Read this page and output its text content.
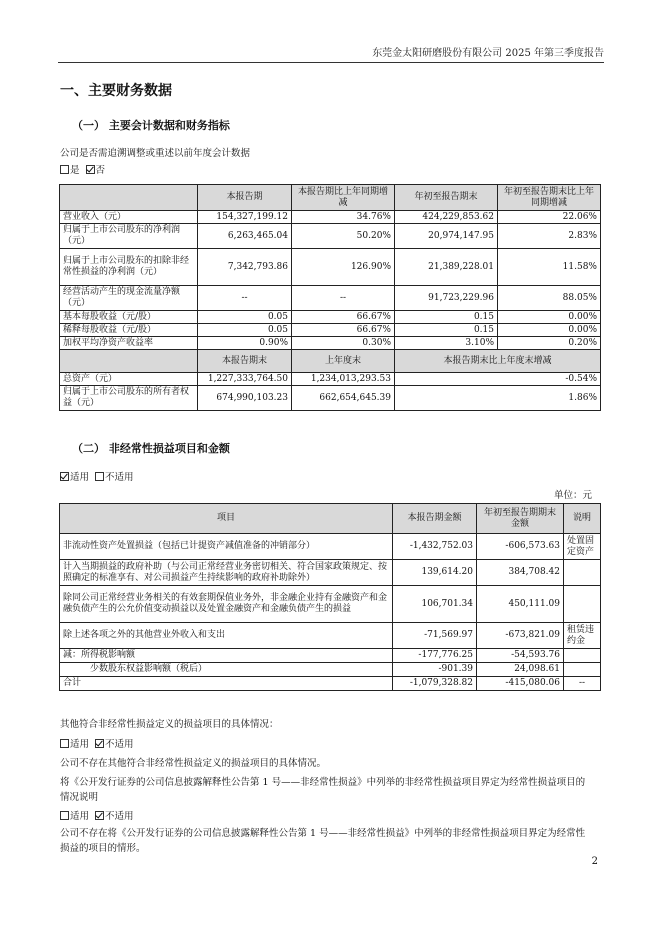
东莞金太阳研磨股份有限公司 2025 年第三季度报告
一、主要财务数据
（一） 主要会计数据和财务指标
公司是否需追溯调整或重述以前年度会计数据
是 否
	本报告期	本报告期比上年同期增减	年初至报告期末	年初至报告期末比上年同期增减
营业收入（元）	154,327,199.12	34.76%	424,229,853.62	22.06%
归属于上市公司股东的净利润（元）	6,263,465.04	50.20%	20,974,147.95	2.83%
归属于上市公司股东的扣除非经常性损益的净利润（元）	7,342,793.86	126.90%	21,389,228.01	11.58%
经营活动产生的现金流量净额（元）	--	--	91,723,229.96	88.05%
基本每股收益（元/股）	0.05	66.67%	0.15	0.00%
稀释每股收益（元/股）	0.05	66.67%	0.15	0.00%
加权平均净资产收益率	0.90%	0.30%	3.10%	0.20%
	本报告期末	上年度末	本报告期末比上年度末增减	
总资产（元）	1,227,333,764.50	1,234,013,293.53	-0.54%	
归属于上市公司股东的所有者权益（元）	674,990,103.23	662,654,645.39	1.86%	
（二） 非经常性损益项目和金额
适用 不适用
单位：元
项目	本报告期金额	年初至报告期期末金额	说明
非流动性资产处置损益（包括已计提资产减值准备的冲销部分）	-1,432,752.03	-606,573.63	处置固定资产
计入当期损益的政府补助（与公司正常经营业务密切相关、符合国家政策规定、按照确定的标准享有、对公司损益产生持续影响的政府补助除外）	139,614.20	384,708.42	
除同公司正常经营业务相关的有效套期保值业务外，非金融企业持有金融资产和金融负债产生的公允价值变动损益以及处置金融资产和金融负债产生的损益	106,701.34	450,111.09	
除上述各项之外的其他营业外收入和支出	-71,569.97	-673,821.09	租赁违约金
减：所得税影响额	-177,776.25	-54,593.76	
少数股东权益影响额（税后）	-901.39	24,098.61	
合计	-1,079,328.82	-415,080.06	--
其他符合非经常性损益定义的损益项目的具体情况：
适用 不适用
公司不存在其他符合非经常性损益定义的损益项目的具体情况。
将《公开发行证券的公司信息披露解释性公告第 1 号——非经常性损益》中列举的非经常性损益项目界定为经常性损益项目的情况说明
适用 不适用
公司不存在将《公开发行证券的公司信息披露解释性公告第 1 号——非经常性损益》中列举的非经常性损益项目界定为经常性损益的项目的情形。
2
